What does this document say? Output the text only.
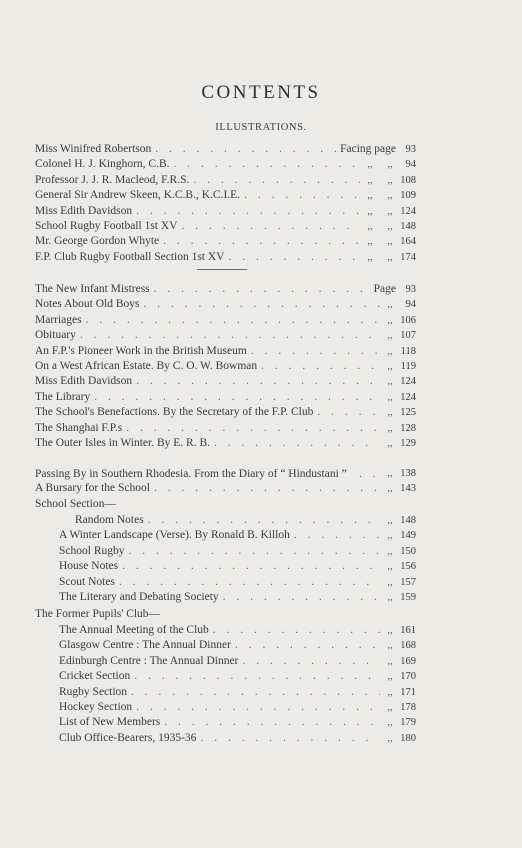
CONTENTS
ILLUSTRATIONS.
Miss Winifred Robertson . . .	Facing page 93
Colonel H. J. Kinghorn, C.B. . . .	,,	,,	94
Professor J. J. R. Macleod, F.R.S. . . .	,,	,, 108
General Sir Andrew Skeen, K.C.B., K.C.I.E. . . .	,,	,, 109
Miss Edith Davidson . . .	,,	,, 124
School Rugby Football 1st XV . . .	,,	,, 148
Mr. George Gordon Whyte . . .	,,	,, 164
F.P. Club Rugby Football Section 1st XV . . .	,,	,, 174
The New Infant Mistress . . .	Page 93
Notes About Old Boys . . .	,,	94
Marriages . . .	,, 106
Obituary . . .	,, 107
An F.P.'s Pioneer Work in the British Museum . . .	,, 118
On a West African Estate. By C. O. W. Bowman . . .	,, 119
Miss Edith Davidson . . .	,, 124
The Library . . .	,, 124
The School's Benefactions. By the Secretary of the F.P. Club . . .	,, 125
The Shanghai F.P.s . . .	,, 128
The Outer Isles in Winter. By E. R. B. . . .	,, 129
Passing By in Southern Rhodesia. From the Diary of “ Hindustani ” . . .	,, 138
A Bursary for the School . . .	,, 143
School Section—
Random Notes . . .	,, 148
A Winter Landscape (Verse). By Ronald B. Killoh . . .	,, 149
School Rugby . . .	,, 150
House Notes . . .	,, 156
Scout Notes . . .	,, 157
The Literary and Debating Society . . .	,, 159
The Former Pupils' Club—
The Annual Meeting of the Club . . .	,, 161
Glasgow Centre : The Annual Dinner . . .	,, 168
Edinburgh Centre : The Annual Dinner . . .	,, 169
Cricket Section . . .	,, 170
Rugby Section . . .	,, 171
Hockey Section . . .	,, 178
List of New Members . . .	,, 179
Club Office-Bearers, 1935-36 . . .	,, 180
